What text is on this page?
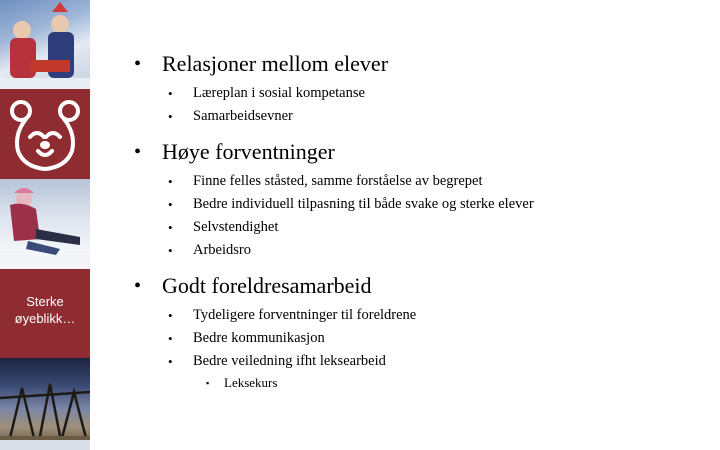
Sterke
øyeblikk…
• Relasjoner mellom elever
• Læreplan i sosial kompetanse
• Samarbeidsevner
• Høye forventninger
• Finne felles ståsted, samme forståelse av begrepet
• Bedre individuell tilpasning til både svake og sterke elever
• Selvstendighet
• Arbeidsro
• Godt foreldresamarbeid
• Tydeligere forventninger til foreldrene
• Bedre kommunikasjon
• Bedre veiledning ifht leksearbeid
▪ Leksekurs
